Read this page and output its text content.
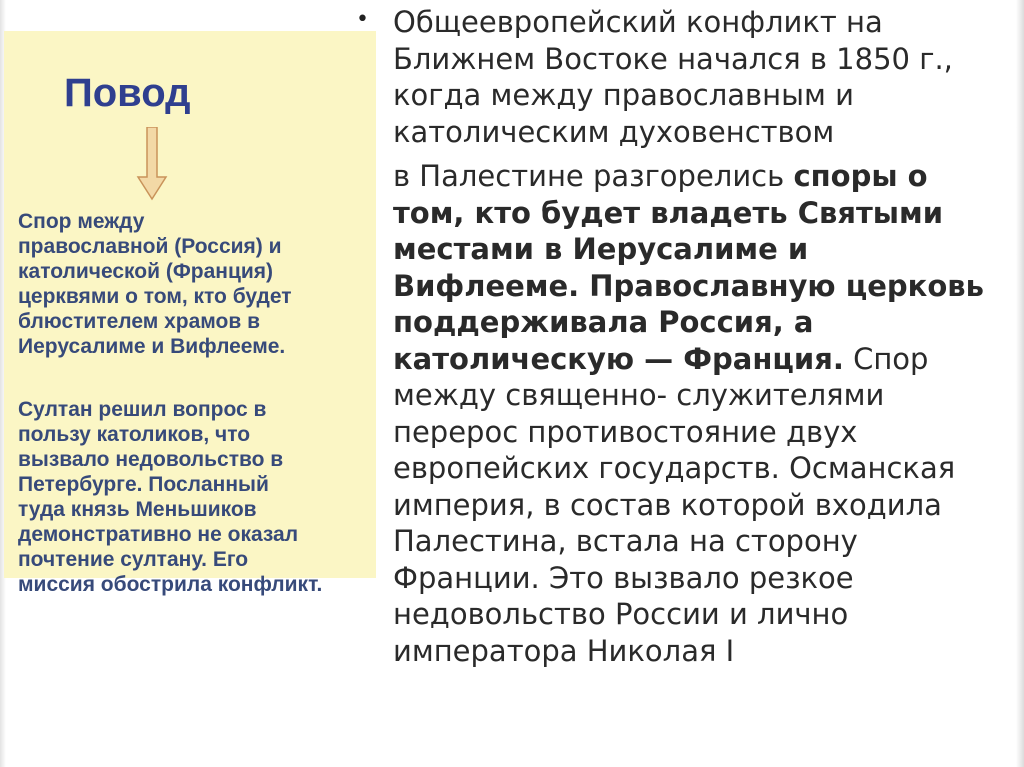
Повод

Спор между
православной (Россия) и
католической (Франция)
церквями о том, кто будет
блюстителем храмов в
Иерусалиме и Вифлееме.

Султан решил вопрос в
пользу католиков, что
вызвало недовольство в
Петербурге. Посланный
туда князь Меньшиков
демонстративно не оказал
почтение султану. Его
миссия обострила конфликт.

• Общеевропейский конфликт на Ближнем Востоке начался в 1850 г., когда между православным и католическим духовенством

в Палестине разгорелись споры о том, кто будет владеть Святыми местами в Иерусалиме и Вифлееме. Православную церковь поддерживала Россия, а католическую — Франция. Спор между священно- служителями перерос противостояние двух европейских государств. Османская империя, в состав которой входила Палестина, встала на сторону Франции. Это вызвало резкое недовольство России и лично императора Николая I
